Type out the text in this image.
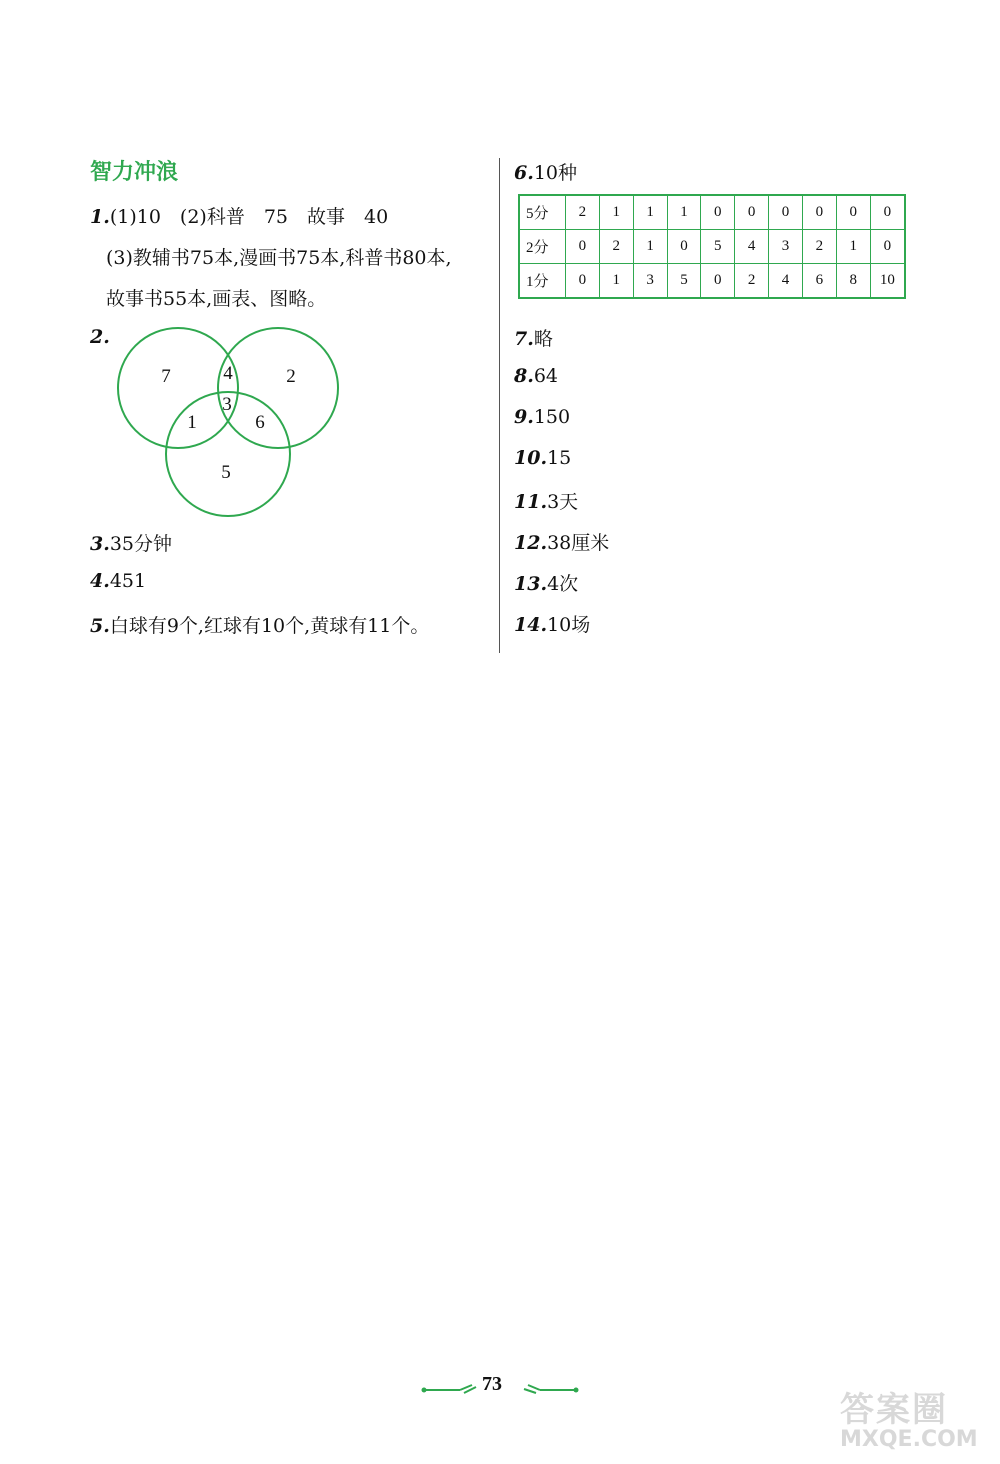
智力冲浪
1.(1)10　(2)科普　75　故事　40
(3)教辅书75本,漫画书75本,科普书80本,
故事书55本,画表、图略。
2.
7	4	2
3
1	6
5
3.35分钟
4.451
5.白球有9个,红球有10个,黄球有11个。
6.10种
5分	2	1	1	1	0	0	0	0	0	0
2分	0	2	1	0	5	4	3	2	1	0
1分	0	1	3	5	0	2	4	6	8	10
7.略
8.64
9.150
10.15
11.3天
12.38厘米
13.4次
14.10场
73
答案圈
MXQE.COM
